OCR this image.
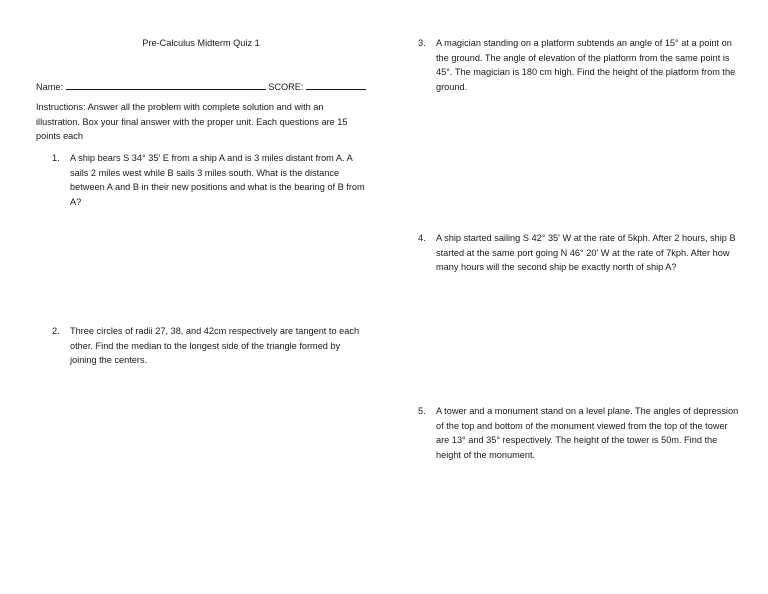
Pre-Calculus Midterm Quiz 1
Name:	SCORE:
Instructions: Answer all the problem with complete solution and with an illustration. Box your final answer with the proper unit. Each questions are 15 points each
1.	A ship bears S 34° 35' E from a ship A and is 3 miles distant from A. A sails 2 miles west while B sails 3 miles south. What is the distance between A and B in their new positions and what is the bearing of B from A?
2.	Three circles of radii 27, 38, and 42cm respectively are tangent to each other. Find the median to the longest side of the triangle formed by joining the centers.
3.	A magician standing on a platform subtends an angle of 15° at a point on the ground. The angle of elevation of the platform from the same point is 45°. The magician is 180 cm high. Find the height of the platform from the ground.
4.	A ship started sailing S 42° 35' W at the rate of 5kph. After 2 hours, ship B started at the same port going N 46° 20' W at the rate of 7kph. After how many hours will the second ship be exactly north of ship A?
5.	A tower and a monument stand on a level plane. The angles of depression of the top and bottom of the monument viewed from the top of the tower are 13° and 35° respectively. The height of the tower is 50m. Find the height of the monument.
